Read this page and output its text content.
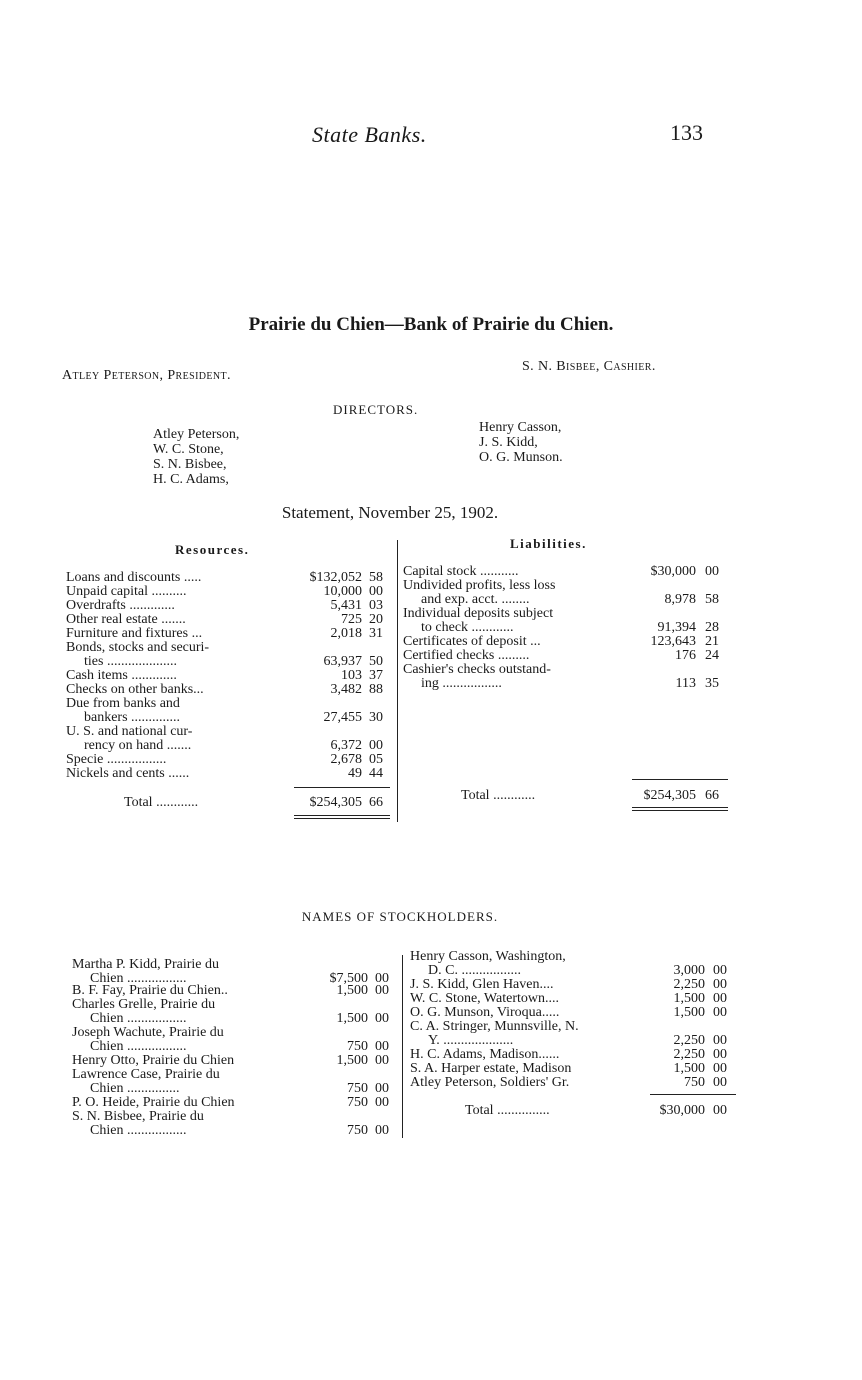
State Banks.	133
Prairie du Chien—Bank of Prairie du Chien.
Atley Peterson, President.
S. N. Bisbee, Cashier.
DIRECTORS.
Atley Peterson,
W. C. Stone,
S. N. Bisbee,
H. C. Adams,
Henry Casson,
J. S. Kidd,
O. G. Munson.
Statement, November 25, 1902.
Resources.	Liabilities.
Loans and discounts .....	$132,052 58
Unpaid capital ..........	10,000 00
Overdrafts .............	5,431 03
Other real estate .......	725 20
Furniture and fixtures ...	2,018 31
Bonds, stocks and securi-
ties ....................	63,937 50
Cash items .............	103 37
Checks on other banks...	3,482 88
Due from banks and
bankers ..............	27,455 30
U. S. and national cur-
rency on hand .......	6,372 00
Specie .................	2,678 05
Nickels and cents ......	49 44
Total ............	$254,305 66
Capital stock ...........	$30,000 00
Undivided profits, less loss
and exp. acct. ........	8,978 58
Individual deposits subject
to check ............	91,394 28
Certificates of deposit ...	123,643 21
Certified checks .........	176 24
Cashier's checks outstand-
ing .................	113 35
Total ............	$254,305 66
NAMES OF STOCKHOLDERS.
Martha P. Kidd, Prairie du
Chien .................	$7,500 00
B. F. Fay, Prairie du Chien..	1,500 00
Charles Grelle, Prairie du
Chien .................	1,500 00
Joseph Wachute, Prairie du
Chien .................	750 00
Henry Otto, Prairie du Chien	1,500 00
Lawrence Case, Prairie du
Chien ...............	750 00
P. O. Heide, Prairie du Chien	750 00
S. N. Bisbee, Prairie du
Chien .................	750 00
Henry Casson, Washington,
D. C. .................	3,000 00
J. S. Kidd, Glen Haven....	2,250 00
W. C. Stone, Watertown....	1,500 00
O. G. Munson, Viroqua.....	1,500 00
C. A. Stringer, Munnsville, N.
Y. ....................	2,250 00
H. C. Adams, Madison......	2,250 00
S. A. Harper estate, Madison	1,500 00
Atley Peterson, Soldiers' Gr.	750 00
Total ...............	$30,000 00
